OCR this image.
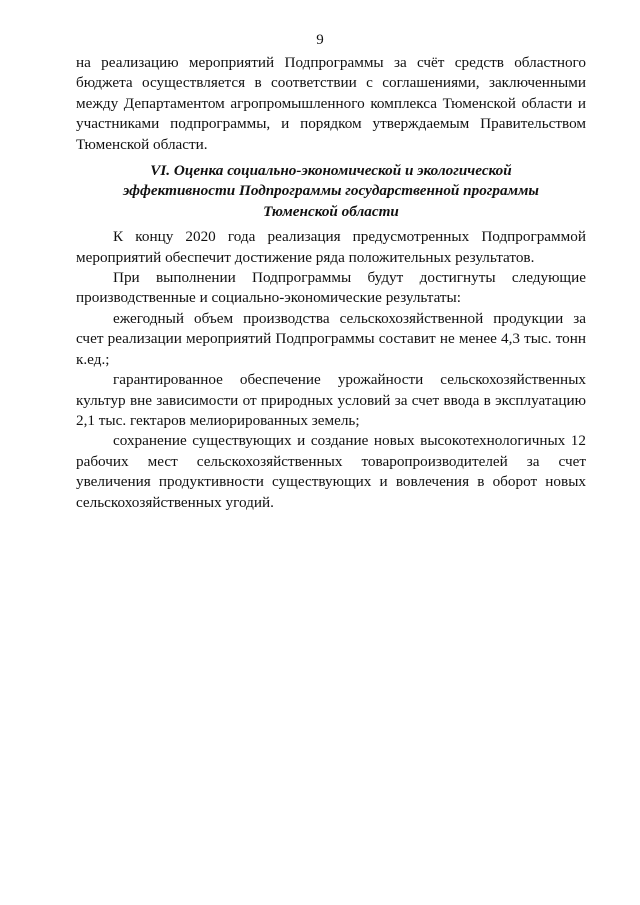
9

на реализацию мероприятий Подпрограммы за счёт средств областного бюджета осуществляется в соответствии с соглашениями, заключенными между Департаментом агропромышленного комплекса Тюменской области и участниками подпрограммы, и порядком утверждаемым Правительством Тюменской области.

VI. Оценка социально-экономической и экологической
эффективности Подпрограммы государственной программы
Тюменской области

К концу 2020 года реализация предусмотренных Подпрограммой мероприятий обеспечит достижение ряда положительных результатов.

При выполнении Подпрограммы будут достигнуты следующие производственные и социально-экономические результаты:

ежегодный объем производства сельскохозяйственной продукции за счет реализации мероприятий Подпрограммы составит не менее 4,3 тыс. тонн к.ед.;

гарантированное обеспечение урожайности сельскохозяйственных культур вне зависимости от природных условий за счет ввода в эксплуатацию 2,1 тыс. гектаров мелиорированных земель;

сохранение существующих и создание новых высокотехнологичных 12 рабочих мест сельскохозяйственных товаропроизводителей за счет увеличения продуктивности существующих и вовлечения в оборот новых сельскохозяйственных угодий.
